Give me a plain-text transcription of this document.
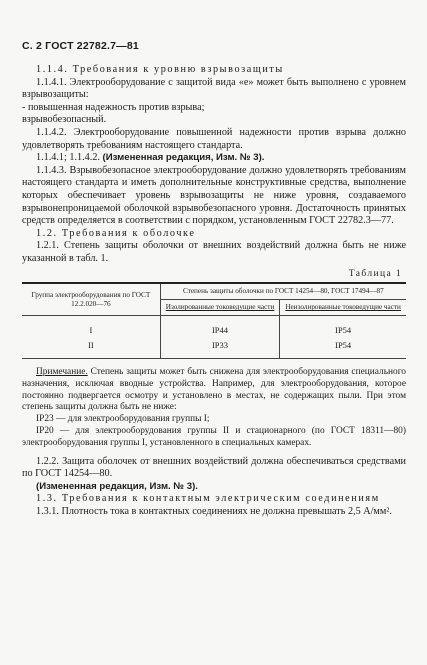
С. 2 ГОСТ 22782.7—81

1.1.4. Требования к уровню взрывозащиты

1.1.4.1. Электрооборудование с защитой вида «е» может быть выполнено с уровнем взрывозащиты:

- повышенная надежность против взрыва;

взрывобезопасный.

1.1.4.2. Электрооборудование повышенной надежности против взрыва должно удовлетворять требованиям настоящего стандарта.

1.1.4.1; 1.1.4.2. (Измененная редакция, Изм. № 3).

1.1.4.3. Взрывобезопасное электрооборудование должно удовлетворять требованиям настоящего стандарта и иметь дополнительные конструктивные средства, выполнение которых обеспечивает уровень взрывозащиты не ниже уровня, создаваемого взрывонепроницаемой оболочкой взрывобезопасного уровня. Достаточность принятых средств определяется в соответствии с порядком, установленным ГОСТ 22782.3—77.

1.2. Требования к оболочке

1.2.1. Степень защиты оболочки от внешних воздействий должна быть не ниже указанной в табл. 1.

Таблица 1

Группа электрооборудования по ГОСТ 12.2.020—76	Степень защиты оболочки по ГОСТ 14254—80, ГОСТ 17494—87	
	Изолированные токоведущие части	Неизолированные токоведущие части
I	IP44	IP54
II	IP33	IP54

Примечание. Степень защиты может быть снижена для электрооборудования специального назначения, исключая вводные устройства. Например, для электрооборудования, которое постоянно подвергается осмотру и установлено в местах, не содержащих пыли. При этом степень защиты должна быть не ниже:

IP23 — для электрооборудования группы I;

IP20 — для электрооборудования группы II и стационарного (по ГОСТ 18311—80) электрооборудования группы I, установленного в специальных камерах.

1.2.2. Защита оболочек от внешних воздействий должна обеспечиваться средствами по ГОСТ 14254—80.

(Измененная редакция, Изм. № 3).

1.3. Требования к контактным электрическим соединениям

1.3.1. Плотность тока в контактных соединениях не должна превышать 2,5 А/мм².
